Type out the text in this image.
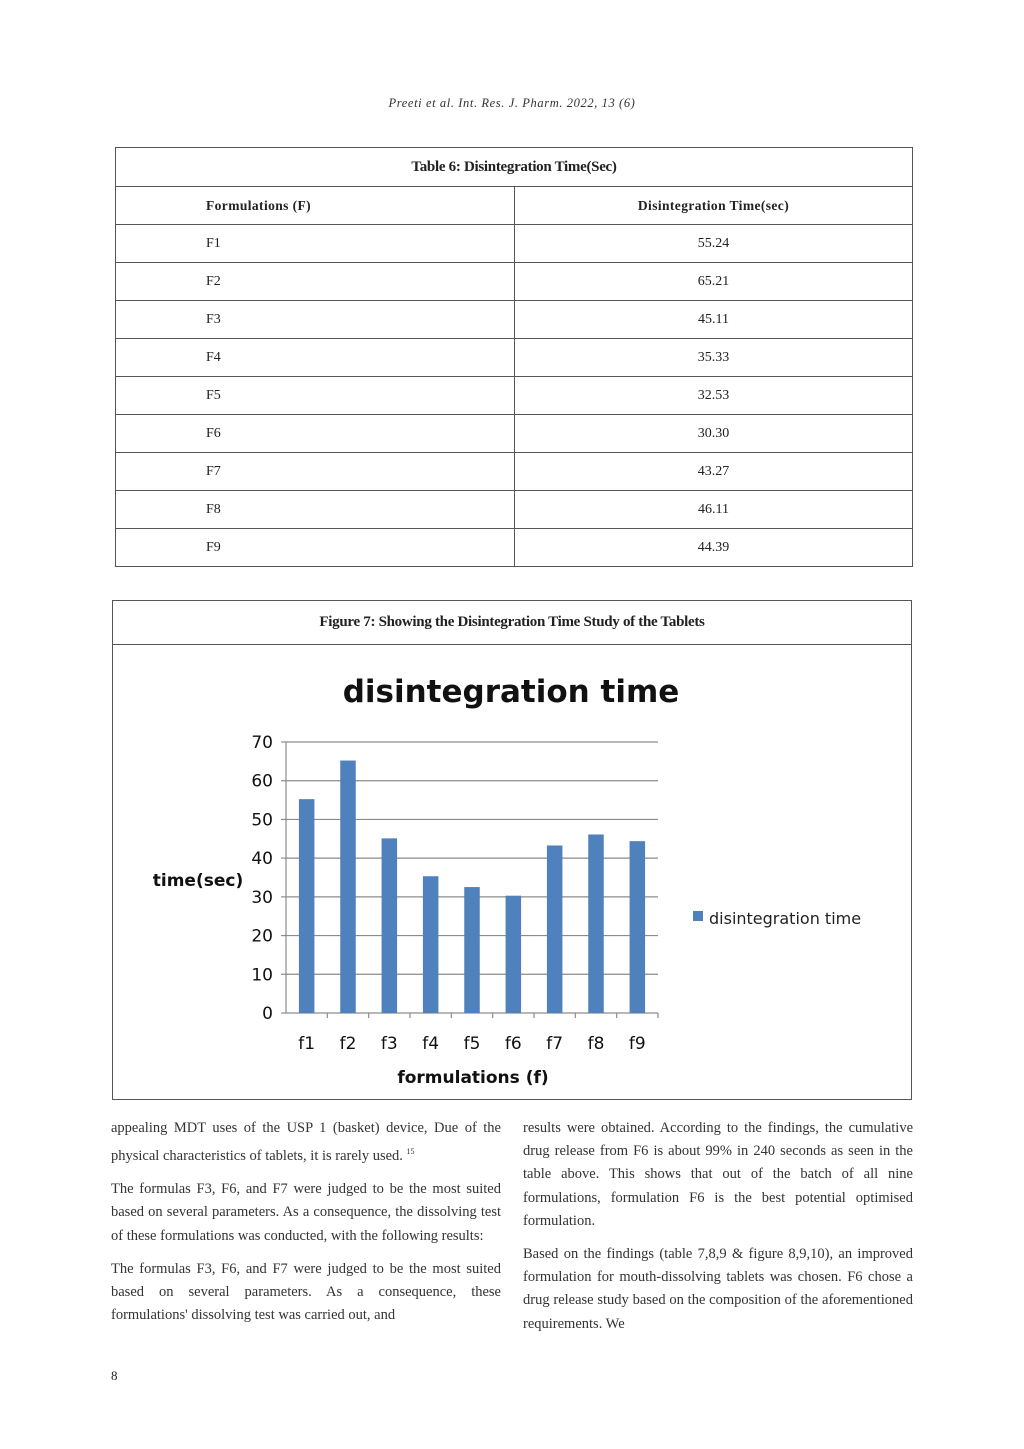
Preeti et al. Int. Res. J. Pharm. 2022, 13 (6)
Table 6: Disintegration Time(Sec)	
Formulations (F)	Disintegration Time(sec)
F1	55.24
F2	65.21
F3	45.11
F4	35.33
F5	32.53
F6	30.30
F7	43.27
F8	46.11
F9	44.39
Figure 7: Showing the Disintegration Time Study of the Tablets
disintegration time
0
10
20
30
40
50
60
70
f1 f2 f3 f4 f5 f6 f7 f8 f9
time(sec)
formulations (f)
disintegration time

appealing MDT uses of the USP 1 (basket) device, Due of the physical characteristics of tablets, it is rarely used. $^{15}$

The formulas F3, F6, and F7 were judged to be the most suited based on several parameters. As a consequence, the dissolving test of these formulations was conducted, with the following results:

The formulas F3, F6, and F7 were judged to be the most suited based on several parameters. As a consequence, these formulations' dissolving test was carried out, and

results were obtained. According to the findings, the cumulative drug release from F6 is about 99% in 240 seconds as seen in the table above. This shows that out of the batch of all nine formulations, formulation F6 is the best potential optimised formulation.

Based on the findings (table 7,8,9 & figure 8,9,10), an improved formulation for mouth-dissolving tablets was chosen. F6 chose a drug release study based on the composition of the aforementioned requirements. We

8
